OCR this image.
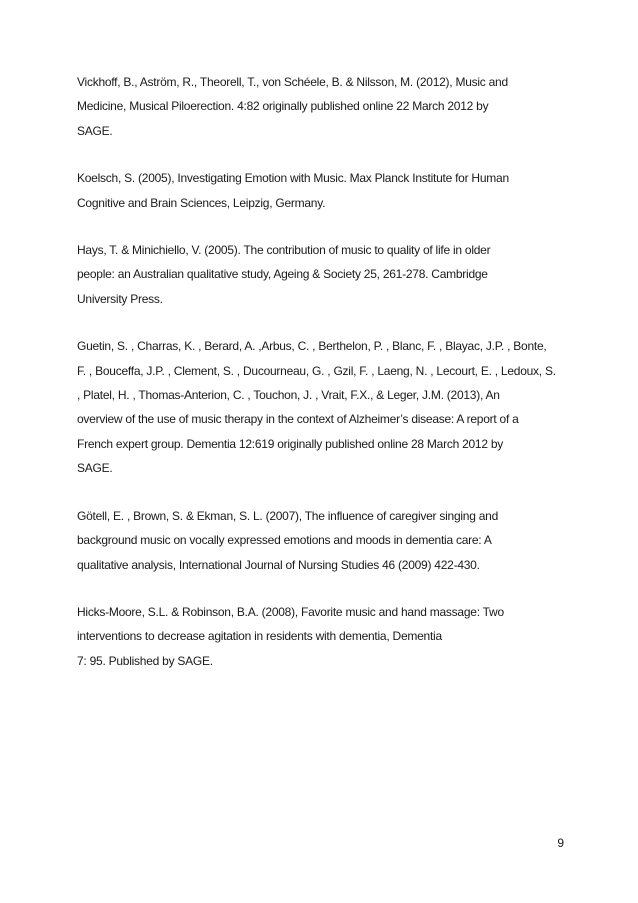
Vickhoff, B., Aström, R., Theorell, T., von Schéele, B. & Nilsson, M. (2012), Music and
Medicine, Musical Piloerection. 4:82 originally published online 22 March 2012 by
SAGE.
Koelsch, S. (2005), Investigating Emotion with Music. Max Planck Institute for Human
Cognitive and Brain Sciences, Leipzig, Germany.
Hays, T. & Minichiello, V. (2005). The contribution of music to quality of life in older
people: an Australian qualitative study, Ageing & Society 25, 261-278. Cambridge
University Press.
Guetin, S. , Charras, K. , Berard, A. ,Arbus, C. , Berthelon, P. , Blanc, F. , Blayac, J.P. , Bonte,
F. , Bouceffa, J.P. , Clement, S. , Ducourneau, G. , Gzil, F. , Laeng, N. , Lecourt, E. , Ledoux, S.
, Platel, H. , Thomas-Anterion, C. , Touchon, J. , Vrait, F.X., & Leger, J.M. (2013), An
overview of the use of music therapy in the context of Alzheimer’s disease: A report of a
French expert group. Dementia 12:619 originally published online 28 March 2012 by
SAGE.
Götell, E. , Brown, S. & Ekman, S. L. (2007), The influence of caregiver singing and
background music on vocally expressed emotions and moods in dementia care: A
qualitative analysis, International Journal of Nursing Studies 46 (2009) 422-430.
Hicks-Moore, S.L. & Robinson, B.A. (2008), Favorite music and hand massage: Two
interventions to decrease agitation in residents with dementia, Dementia
7: 95. Published by SAGE.
9
